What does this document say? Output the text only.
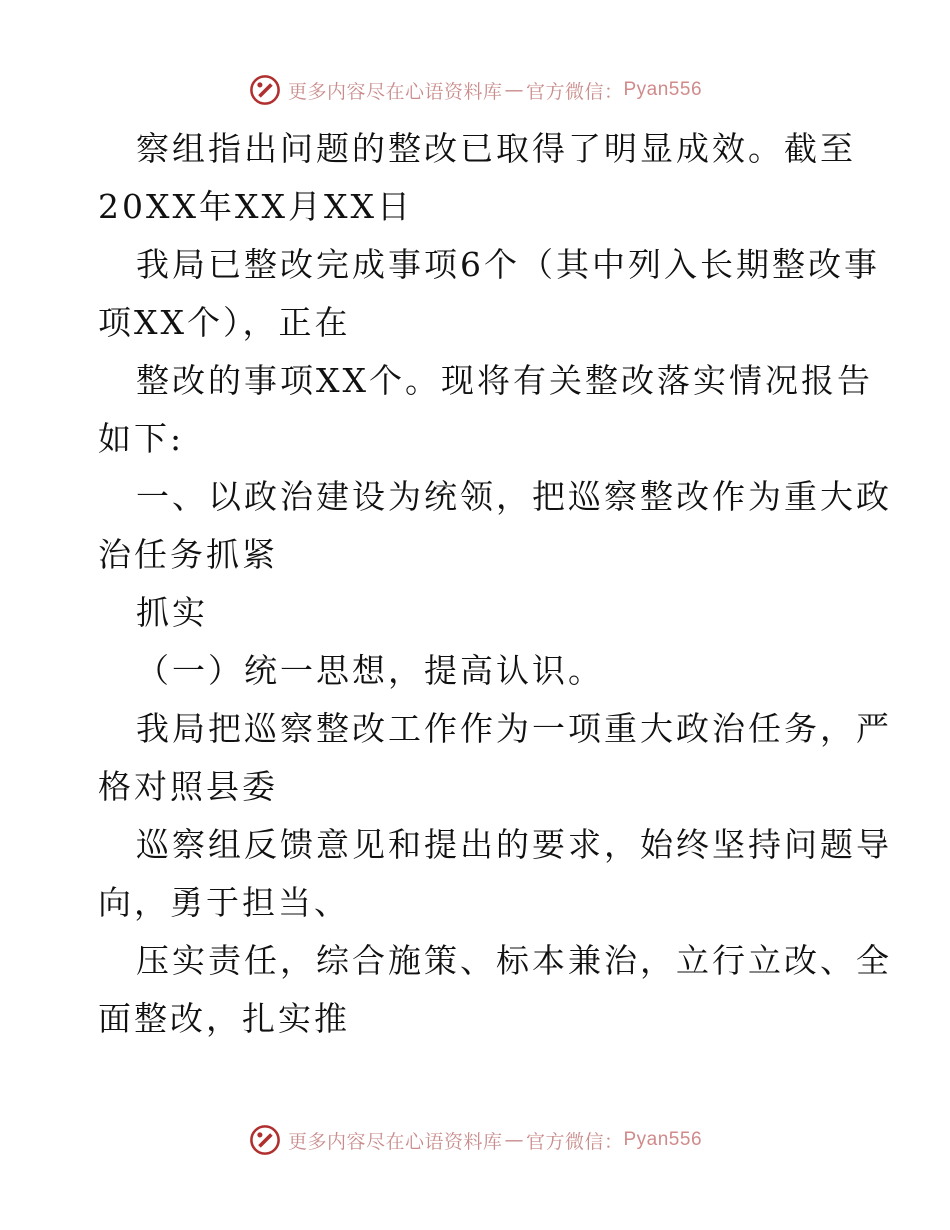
更多内容尽在心语资料库 — 官方微信： Pyan556

察组指出问题的整改已取得了明显成效。截至

20XX年XX月XX日

我局已整改完成事项6个（其中列入长期整改事

项XX个），正在

整改的事项XX个。现将有关整改落实情况报告

如下:

一、以政治建设为统领，把巡察整改作为重大政

治任务抓紧

抓实

（一）统一思想，提高认识。

我局把巡察整改工作作为一项重大政治任务，严

格对照县委

巡察组反馈意见和提出的要求，始终坚持问题导

向，勇于担当、

压实责任，综合施策、标本兼治，立行立改、全

面整改，扎实推

更多内容尽在心语资料库 — 官方微信： Pyan556
